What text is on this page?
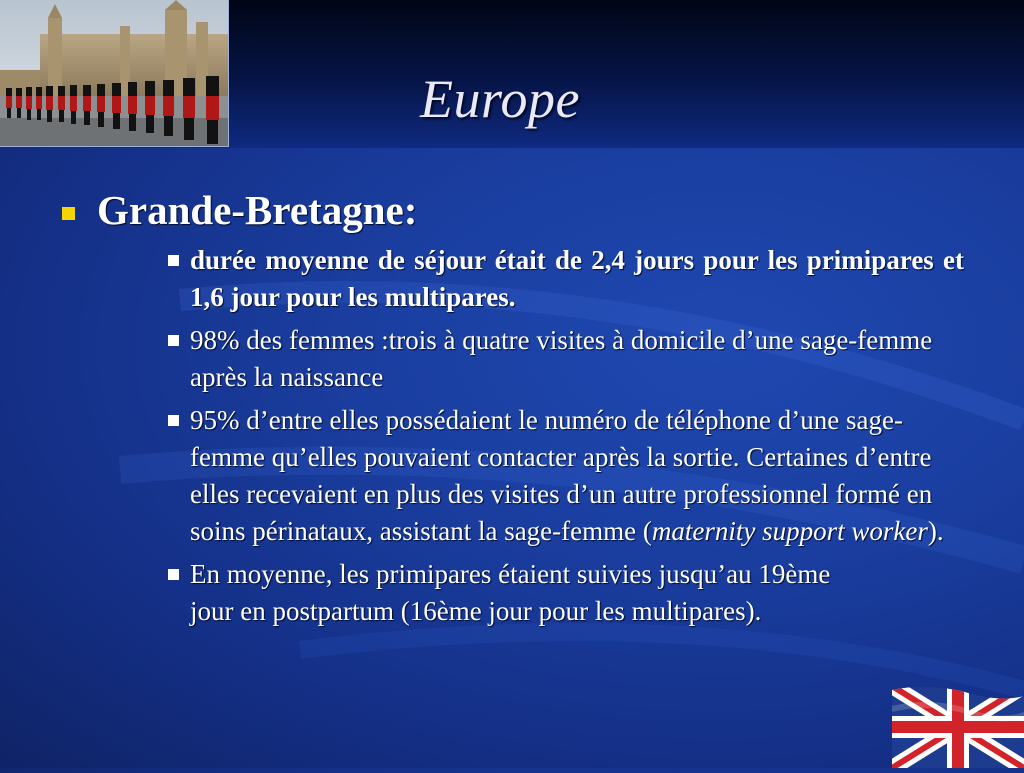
Europe
Grande-Bretagne:
durée moyenne de séjour était de 2,4 jours pour les primipares et 1,6 jour pour les multipares.
98% des femmes :trois à quatre visites à domicile d’une sage-femme après la naissance
95% d’entre elles possédaient le numéro de téléphone d’une sage-femme qu’elles pouvaient contacter après la sortie. Certaines d’entre elles recevaient en plus des visites d’un autre professionnel formé en soins périnataux, assistant la sage-femme (maternity support worker).
En moyenne, les primipares étaient suivies jusqu’au 19ème jour en postpartum (16ème jour pour les multipares).
